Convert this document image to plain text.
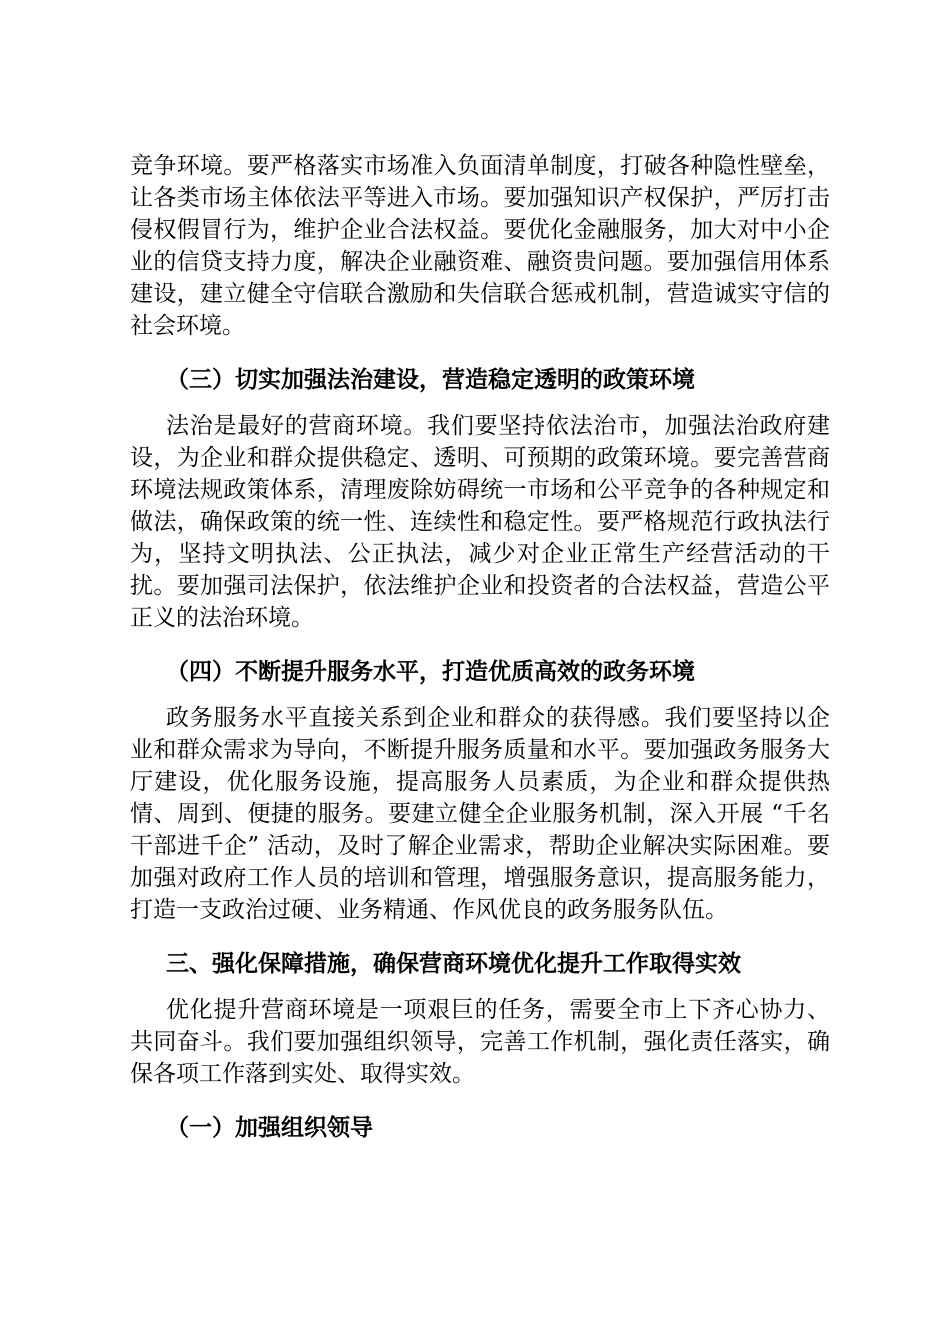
竞争环境。要严格落实市场准入负面清单制度，打破各种隐性壁垒，让各类市场主体依法平等进入市场。要加强知识产权保护，严厉打击侵权假冒行为，维护企业合法权益。要优化金融服务，加大对中小企业的信贷支持力度，解决企业融资难、融资贵问题。要加强信用体系建设，建立健全守信联合激励和失信联合惩戒机制，营造诚实守信的社会环境。

（三）切实加强法治建设，营造稳定透明的政策环境

法治是最好的营商环境。我们要坚持依法治市，加强法治政府建设，为企业和群众提供稳定、透明、可预期的政策环境。要完善营商环境法规政策体系，清理废除妨碍统一市场和公平竞争的各种规定和做法，确保政策的统一性、连续性和稳定性。要严格规范行政执法行为，坚持文明执法、公正执法，减少对企业正常生产经营活动的干扰。要加强司法保护，依法维护企业和投资者的合法权益，营造公平正义的法治环境。

（四）不断提升服务水平，打造优质高效的政务环境

政务服务水平直接关系到企业和群众的获得感。我们要坚持以企业和群众需求为导向，不断提升服务质量和水平。要加强政务服务大厅建设，优化服务设施，提高服务人员素质，为企业和群众提供热情、周到、便捷的服务。要建立健全企业服务机制，深入开展 “千名干部进千企” 活动，及时了解企业需求，帮助企业解决实际困难。要加强对政府工作人员的培训和管理，增强服务意识，提高服务能力，打造一支政治过硬、业务精通、作风优良的政务服务队伍。

三、强化保障措施，确保营商环境优化提升工作取得实效

优化提升营商环境是一项艰巨的任务，需要全市上下齐心协力、共同奋斗。我们要加强组织领导，完善工作机制，强化责任落实，确保各项工作落到实处、取得实效。

（一）加强组织领导
